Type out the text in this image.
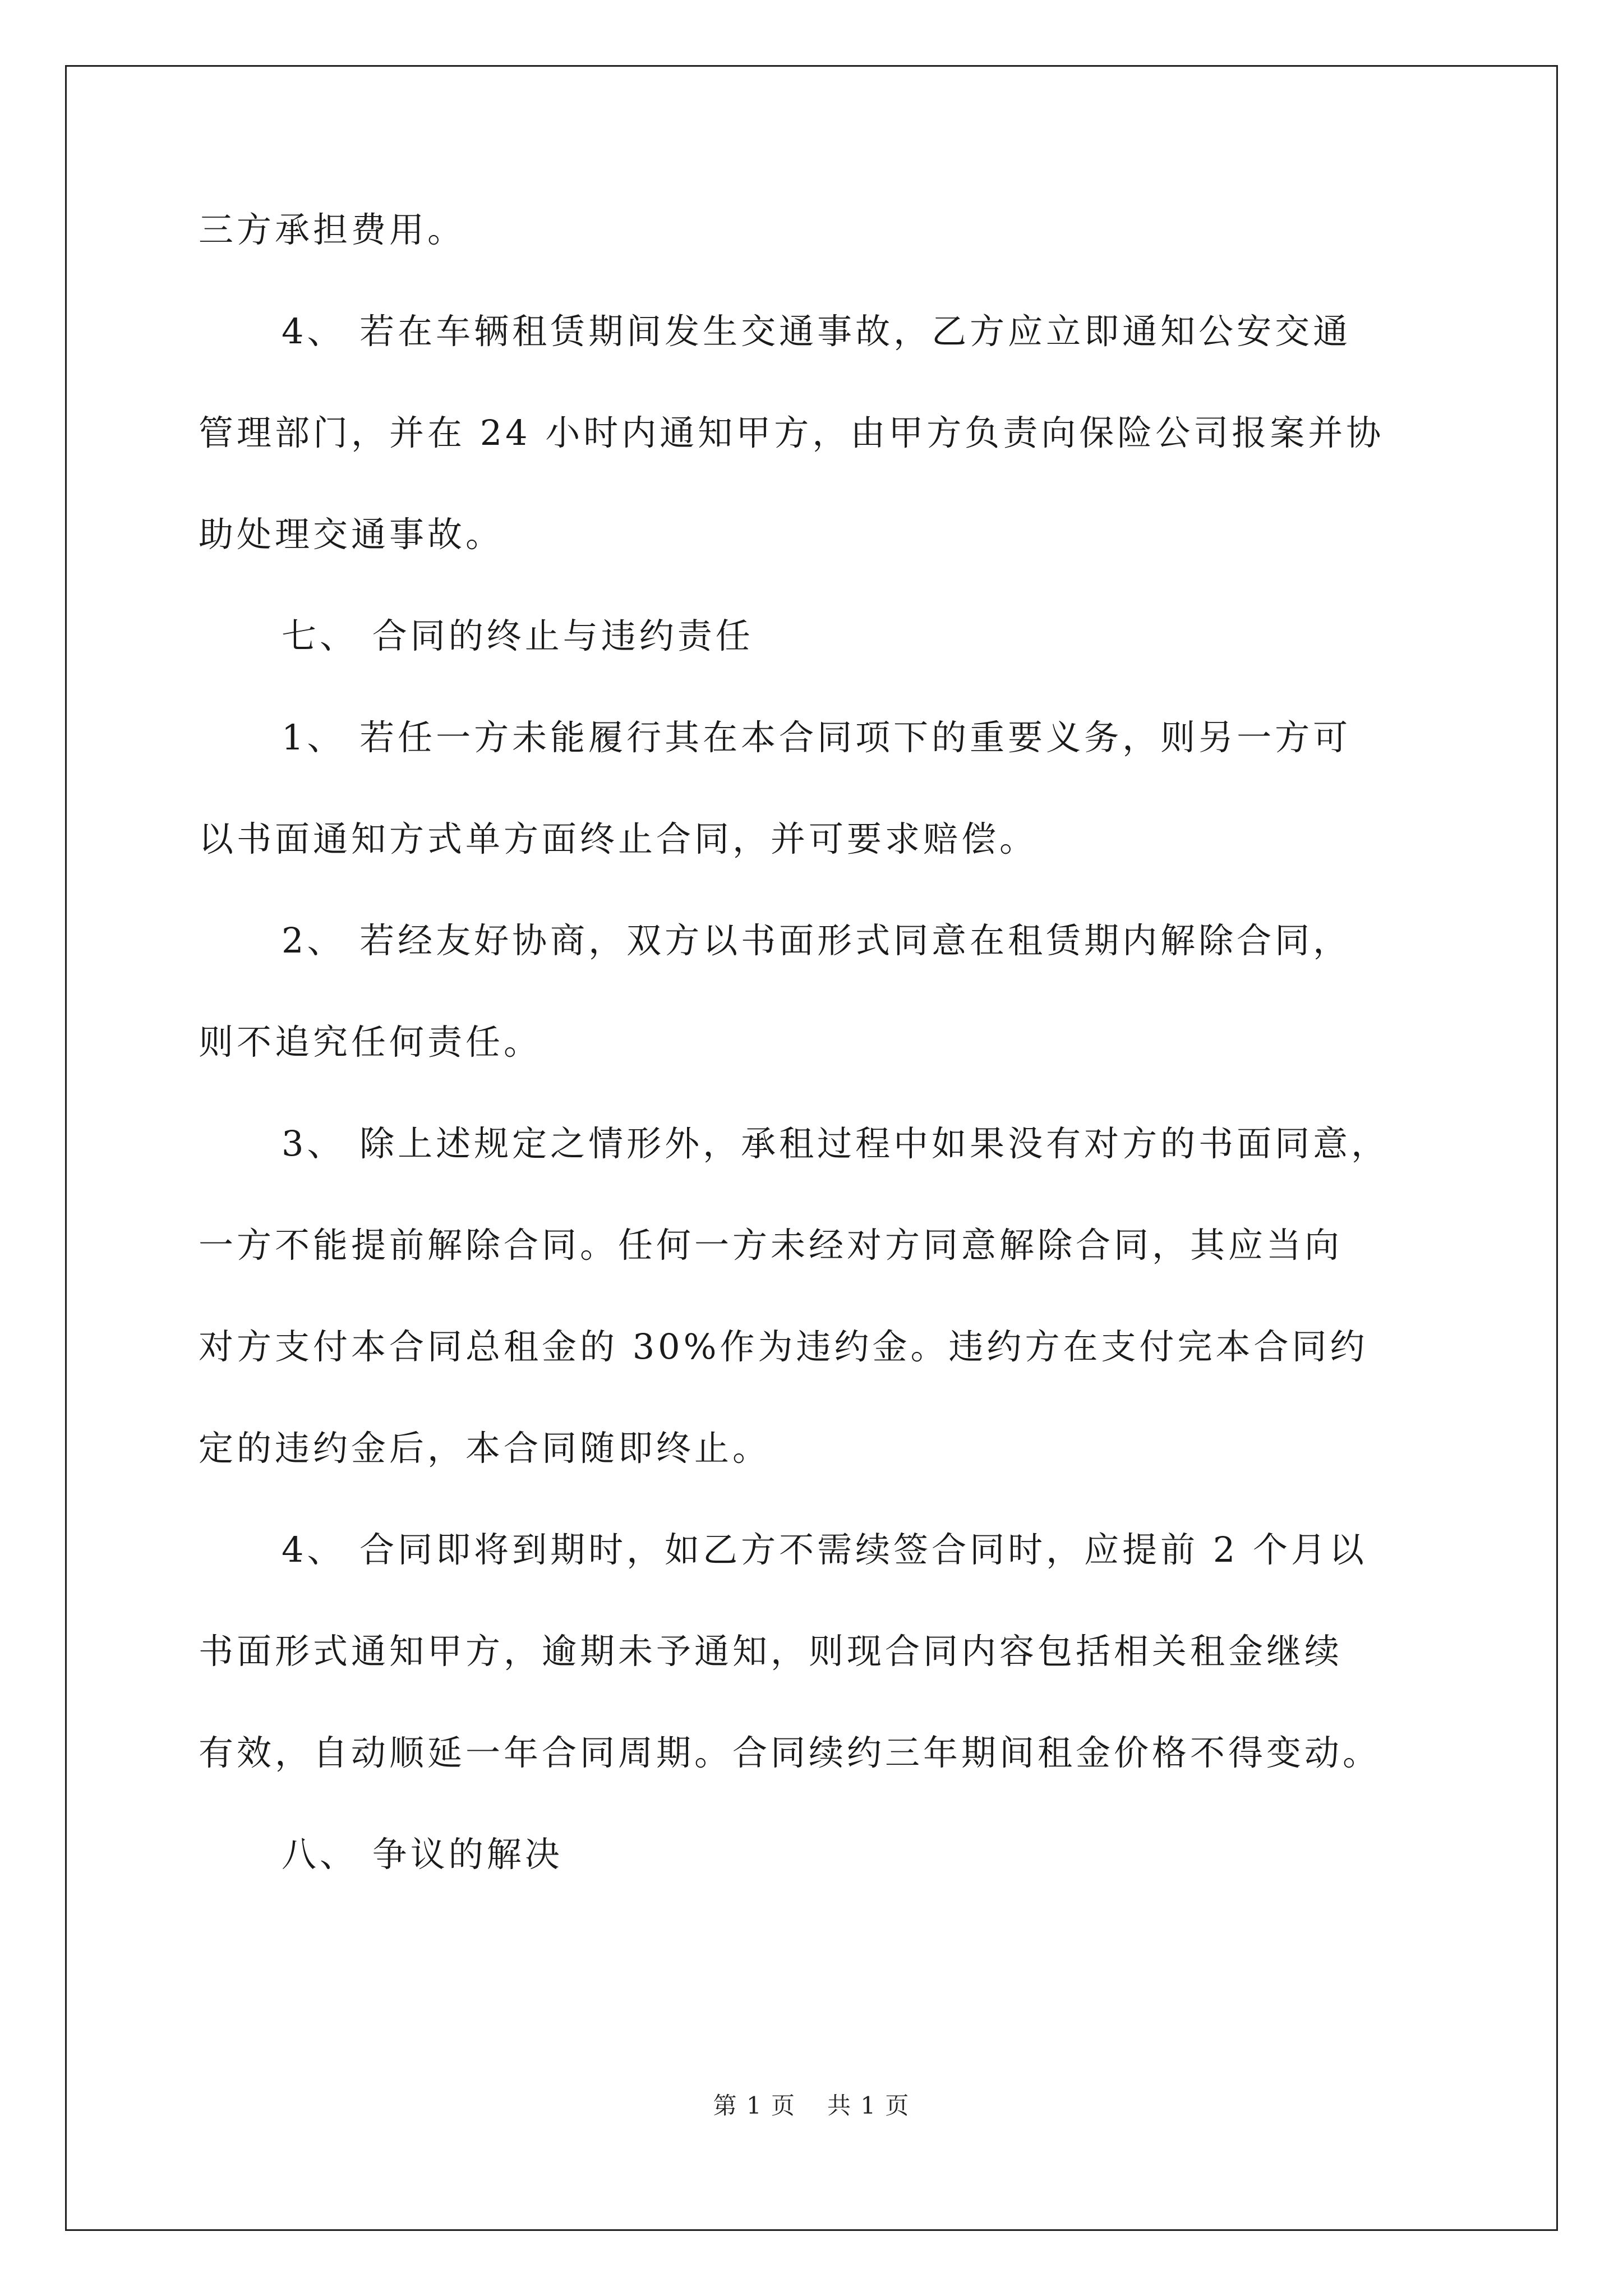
三方承担费用。
4、 若在车辆租赁期间发生交通事故，乙方应立即通知公安交通
管理部门，并在 24 小时内通知甲方，由甲方负责向保险公司报案并协
助处理交通事故。
七、 合同的终止与违约责任
1、 若任一方未能履行其在本合同项下的重要义务，则另一方可
以书面通知方式单方面终止合同，并可要求赔偿。
2、 若经友好协商，双方以书面形式同意在租赁期内解除合同，
则不追究任何责任。
3、 除上述规定之情形外，承租过程中如果没有对方的书面同意，
一方不能提前解除合同。任何一方未经对方同意解除合同，其应当向
对方支付本合同总租金的 30%作为违约金。违约方在支付完本合同约
定的违约金后，本合同随即终止。
4、 合同即将到期时，如乙方不需续签合同时，应提前 2 个月以
书面形式通知甲方，逾期未予通知，则现合同内容包括相关租金继续
有效，自动顺延一年合同周期。合同续约三年期间租金价格不得变动。
八、 争议的解决
第 1 页 共 1 页
